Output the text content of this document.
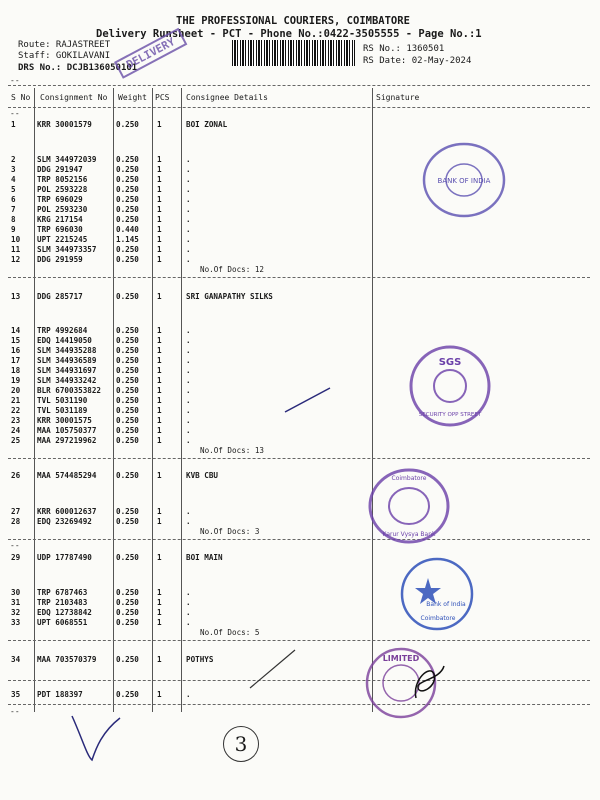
THE PROFESSIONAL COURIERS, COIMBATORE
Delivery Runsheet - PCT - Phone No.:0422-3505555 - Page No.:1
Route: RAJASTREET
Staff: GOKILAVANI
DRS No.: DCJB136050101
RS No.: 1360501
RS Date: 02-May-2024
DELIVERY
--
S No Consignment No Weight PCS Consignee Details	Signature
--
1	KRR 30001579	0.250 1	BOI ZONAL
2	SLM 344972039	0.250 1	.
3	DDG 291947	0.250 1	.
4	TRP 8052156	0.250 1	.
5	POL 2593228	0.250 1	.
6	TRP 696029	0.250 1	.
7	POL 2593230	0.250 1	.
8	KRG 217154	0.250 1	.
9	TRP 696030	0.440 1	.
10 UPT 2215245	1.145 1	.
11 SLM 344973357	0.250 1	.
12 DDG 291959	0.250 1	.
No.Of Docs: 12
13 DDG 285717	0.250 1	SRI GANAPATHY SILKS
14 TRP 4992684	0.250 1	.
15 EDQ 14419050	0.250 1	.
16 SLM 344935288	0.250 1	.
17 SLM 344936589	0.250 1	.
18 SLM 344931697	0.250 1	.
19 SLM 344933242	0.250 1	.
20 BLR 6700353822 0.250 1	.
21 TVL 5031190	0.250 1	.
22 TVL 5031189	0.250 1	.
23 KRR 30001575	0.250 1	.
24 MAA 105750377	0.250 1	.
25 MAA 297219962	0.250 1	.
No.Of Docs: 13
26 MAA 574485294	0.250 1	KVB CBU
27 KRR 600012637	0.250 1	.
28 EDQ 23269492	0.250 1	.
No.Of Docs: 3
--
29 UDP 17787490	0.250 1	BOI MAIN
30 TRP 6787463	0.250 1	.
31 TRP 2103483	0.250 1	.
32 EDQ 12738842	0.250 1	.
33 UPT 6068551	0.250 1	.
No.Of Docs: 5
34 MAA 703570379	0.250 1	POTHYS
35 PDT 188397	0.250 1	.
--
BANK OF INDIA
SGS
SECURITY OPP STREET
Coimbatore
Karur Vysya Bank
Bank of India
Coimbatore
LIMITED
3
